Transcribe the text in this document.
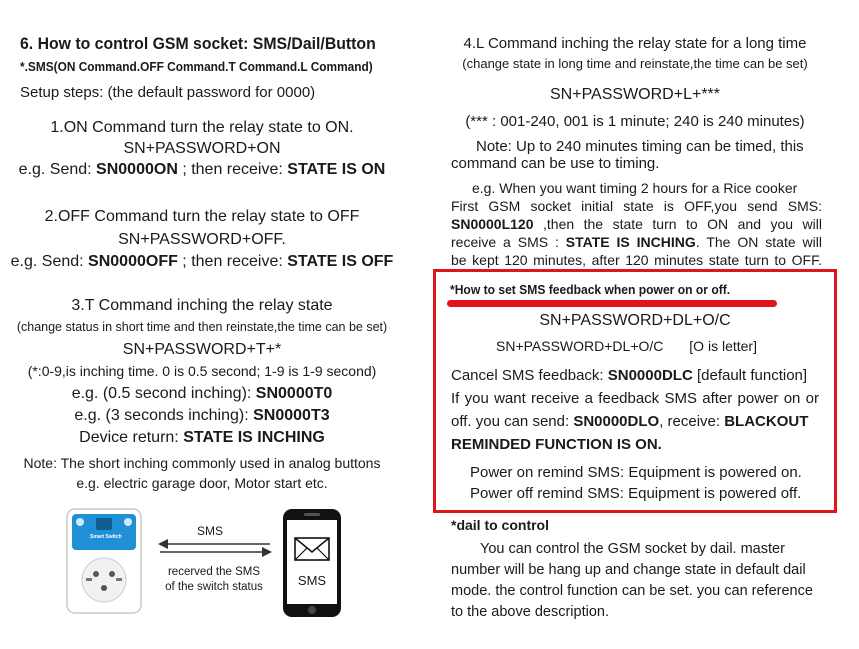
6. How to control GSM socket: SMS/Dail/Button
*.SMS(ON Command.OFF Command.T Command.L Command)
Setup steps: (the default password for 0000)
1.ON Command turn the relay state to ON.
SN+PASSWORD+ON
e.g. Send: SN0000ON ; then receive: STATE IS ON
2.OFF Command turn the relay state to OFF
SN+PASSWORD+OFF.
e.g. Send: SN0000OFF ; then receive: STATE IS OFF
3.T Command inching the relay state
(change status in short time and then reinstate,the time can be set)
SN+PASSWORD+T+*
(*:0-9,is inching time. 0 is 0.5 second; 1-9 is 1-9 second)
e.g. (0.5 second inching): SN0000T0
e.g. (3 seconds inching): SN0000T3
Device return: STATE IS INCHING
Note: The short inching commonly used in analog buttons
e.g. electric garage door, Motor start etc.
Smart Switch	SMS
recerved the SMS
of the switch status	SMS
4.L Command inching the relay state for a long time
(change state in long time and reinstate,the time can be set)
SN+PASSWORD+L+***
(*** : 001-240, 001 is 1 minute; 240 is 240 minutes)
Note: Up to 240 minutes timing can be timed, this
command can be use to timing.
e.g. When you want timing 2 hours for a Rice cooker
First GSM socket initial state is OFF,you send SMS:
SN0000L120 ,then the state turn to ON and you will
receive a SMS : STATE IS INCHING. The ON state will
be kept 120 minutes, after 120 minutes state turn to OFF.
*How to set SMS feedback when power on or off.
SN+PASSWORD+DL+O/C
SN+PASSWORD+DL+O/C [O is letter]
Cancel SMS feedback: SN0000DLC [default function]
If you want receive a feedback SMS after power on or
off. you can send: SN0000DLO, receive: BLACKOUT
REMINDED FUNCTION IS ON.
Power on remind SMS: Equipment is powered on.
Power off remind SMS: Equipment is powered off.
*dail to control
You can control the GSM socket by dail. master
number will be hang up and change state in default dail
mode. the control function can be set. you can reference
to the above description.
